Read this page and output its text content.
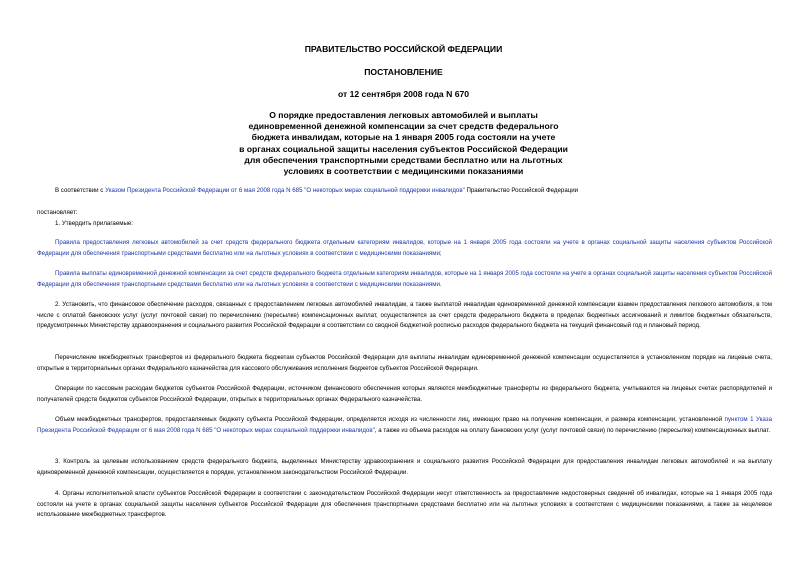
ПРАВИТЕЛЬСТВО РОССИЙСКОЙ ФЕДЕРАЦИИ
ПОСТАНОВЛЕНИЕ
от 12 сентября 2008 года N 670
О порядке предоставления легковых автомобилей и выплаты
единовременной денежной компенсации за счет средств федерального
бюджета инвалидам, которые на 1 января 2005 года состояли на учете
в органах социальной защиты населения субъектов Российской Федерации
для обеспечения транспортными средствами бесплатно или на льготных
условиях в соответствии с медицинскими показаниями
В соответствии с Указом Президента Российской Федерации от 6 мая 2008 года N 685 "О некоторых мерах социальной поддержки инвалидов" Правительство Российской Федерации
постановляет:
1. Утвердить прилагаемые:
Правила предоставления легковых автомобилей за счет средств федерального бюджета отдельным категориям инвалидов, которые на 1 января 2005 года состояли на учете в органах социальной защиты населения субъектов Российской Федерации для обеспечения транспортными средствами бесплатно или на льготных условиях в соответствии с медицинскими показаниями;
Правила выплаты единовременной денежной компенсации за счет средств федерального бюджета отдельным категориям инвалидов, которые на 1 января 2005 года состояли на учете в органах социальной защиты населения субъектов Российской Федерации для обеспечения транспортными средствами бесплатно или на льготных условиях в соответствии с медицинскими показаниями.
2. Установить, что финансовое обеспечение расходов, связанных с предоставлением легковых автомобилей инвалидам, а также выплатой инвалидам единовременной денежной компенсации взамен предоставления легкового автомобиля, в том числе с оплатой банковских услуг (услуг почтовой связи) по перечислению (пересылке) компенсационных выплат, осуществляется за счет средств федерального бюджета в пределах бюджетных ассигнований и лимитов бюджетных обязательств, предусмотренных Министерству здравоохранения и социального развития Российской Федерации в соответствии со сводной бюджетной росписью расходов федерального бюджета на текущий финансовый год и плановый период.
Перечисление межбюджетных трансфертов из федерального бюджета бюджетам субъектов Российской Федерации для выплаты инвалидам единовременной денежной компенсации осуществляется в установленном порядке на лицевые счета, открытые в территориальных органах Федерального казначейства для кассового обслуживания исполнения бюджетов субъектов Российской Федерации.
Операции по кассовым расходам бюджетов субъектов Российской Федерации, источником финансового обеспечения которых являются межбюджетные трансферты из федерального бюджета, учитываются на лицевых счетах распорядителей и получателей средств бюджетов субъектов Российской Федерации, открытых в территориальных органах Федерального казначейства.
Объем межбюджетных трансфертов, предоставляемых бюджету субъекта Российской Федерации, определяется исходя из численности лиц, имеющих право на получение компенсации, и размера компенсации, установленной пунктом 1 Указа Президента Российской Федерации от 6 мая 2008 года N 685 "О некоторых мерах социальной поддержки инвалидов", а также из объема расходов на оплату банковских услуг (услуг почтовой связи) по перечислению (пересылке) компенсационных выплат.
3. Контроль за целевым использованием средств федерального бюджета, выделенных Министерству здравоохранения и социального развития Российской Федерации для предоставления инвалидам легковых автомобилей и на выплату единовременной денежной компенсации, осуществляется в порядке, установленном законодательством Российской Федерации.
4. Органы исполнительной власти субъектов Российской Федерации в соответствии с законодательством Российской Федерации несут ответственность за предоставление недостоверных сведений об инвалидах, которые на 1 января 2005 года состояли на учете в органах социальной защиты населения субъектов Российской Федерации для обеспечения транспортными средствами бесплатно или на льготных условиях в соответствии с медицинскими показаниями, а также за нецелевое использование межбюджетных трансфертов.
